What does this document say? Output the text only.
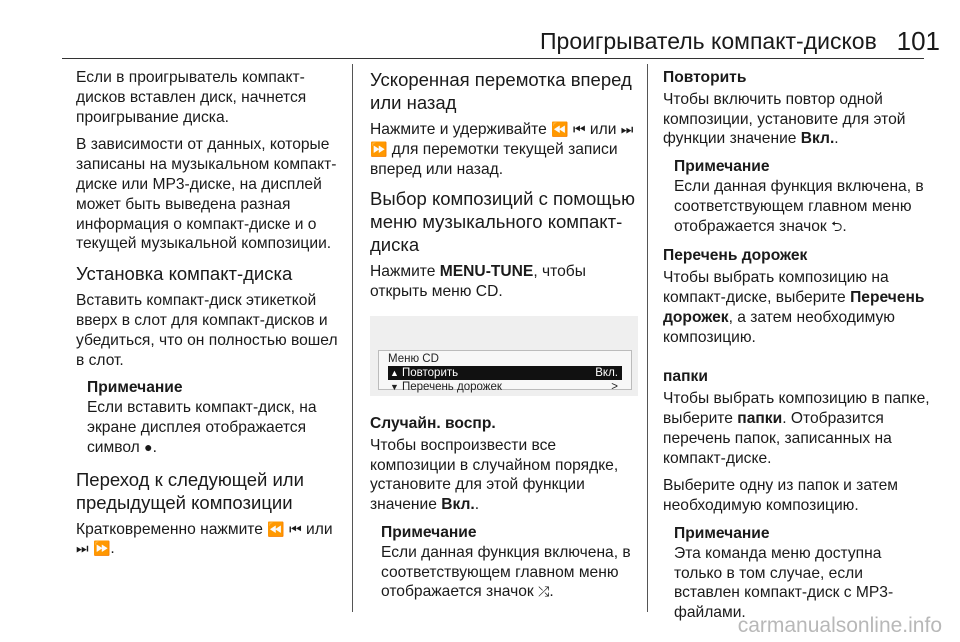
Проигрыватель компакт-дисков 101

Если в проигрыватель компакт-дисков вставлен диск, начнется проигрывание диска.

В зависимости от данных, которые записаны на музыкальном компакт-диске или MP3-диске, на дисплей может быть выведена разная информация о компакт-диске и о текущей музыкальной композиции.

Установка компакт-диска

Вставить компакт-диск этикеткой вверх в слот для компакт-дисков и убедиться, что он полностью вошел в слот.

Примечание
Если вставить компакт-диск, на экране дисплея отображается символ ●.
Переход к следующей или предыдущей композиции

Кратковременно нажмите ⏪ ⏮ или ⏭ ⏩.

Ускоренная перемотка вперед или назад

Нажмите и удерживайте ⏪ ⏮ или ⏭ ⏩ для перемотки текущей записи вперед или назад.

Выбор композиций с помощью меню музыкального компакт-диска

Нажмите MENU-TUNE, чтобы открыть меню CD.

Меню CD
▲ Повторить	Вкл.
▼ Перечень дорожек	>
Случайн. воспр.

Чтобы воспроизвести все композиции в случайном порядке, установите для этой функции значение Вкл..

Примечание
Если данная функция включена, в соответствующем главном меню отображается значок ⤮.
Повторить

Чтобы включить повтор одной композиции, установите для этой функции значение Вкл..

Примечание
Если данная функция включена, в соответствующем главном меню отображается значок ⮌.
Перечень дорожек

Чтобы выбрать композицию на компакт-диске, выберите Перечень дорожек, а затем необходимую композицию.

папки

Чтобы выбрать композицию в папке, выберите папки. Отобразится перечень папок, записанных на компакт-диске.

Выберите одну из папок и затем необходимую композицию.

Примечание
Эта команда меню доступна только в том случае, если вставлен компакт-диск с MP3-файлами.
carmanualsonline.info
